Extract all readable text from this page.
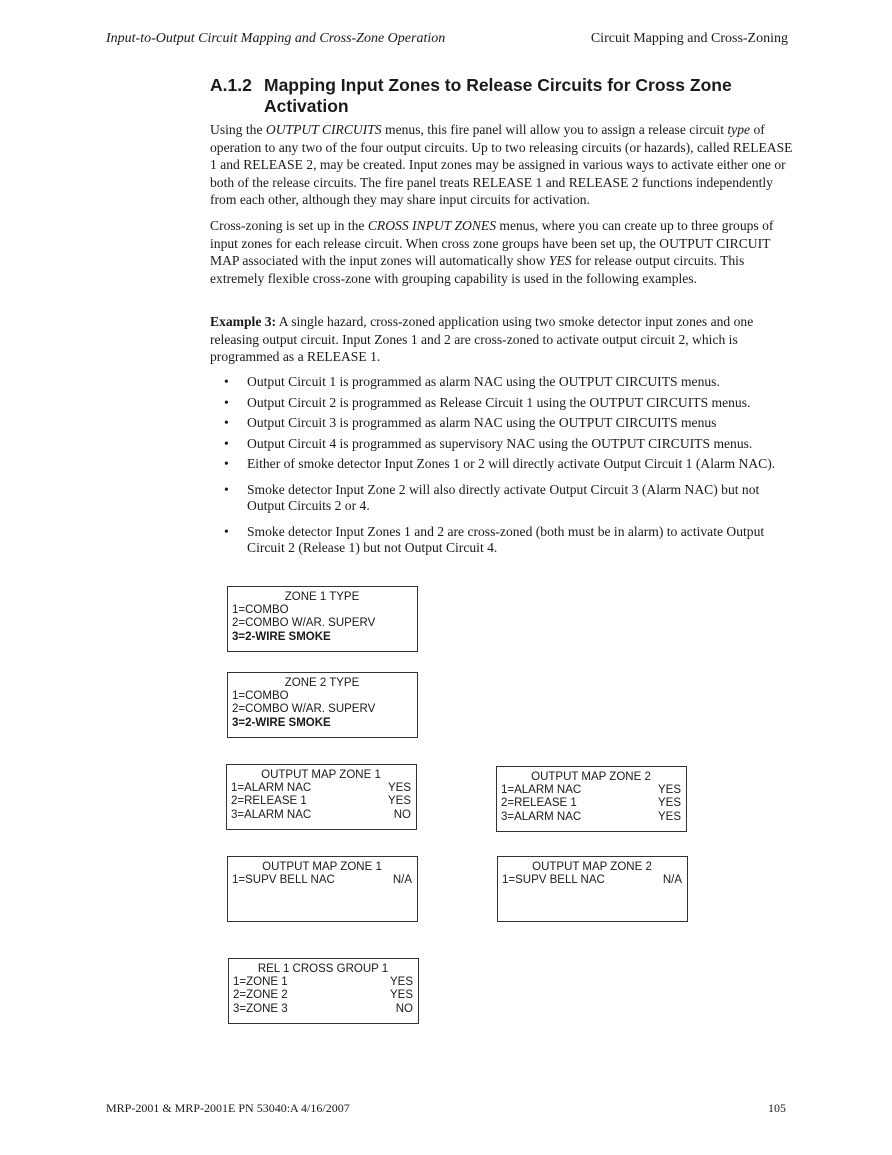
Input-to-Output Circuit Mapping and Cross-Zone Operation	Circuit Mapping and Cross-Zoning
A.1.2 Mapping Input Zones to Release Circuits for Cross Zone
Activation

Using the OUTPUT CIRCUITS menus, this fire panel will allow you to assign a release circuit type of operation to any two of the four output circuits. Up to two releasing circuits (or hazards), called RELEASE 1 and RELEASE 2, may be created. Input zones may be assigned in various ways to activate either one or both of the release circuits. The fire panel treats RELEASE 1 and RELEASE 2 functions independently from each other, although they may share input circuits for activation.

Cross-zoning is set up in the CROSS INPUT ZONES menus, where you can create up to three groups of input zones for each release circuit. When cross zone groups have been set up, the OUTPUT CIRCUIT MAP associated with the input zones will automatically show YES for release output circuits. This extremely flexible cross-zone with grouping capability is used in the following examples.

Example 3: A single hazard, cross-zoned application using two smoke detector input zones and one releasing output circuit. Input Zones 1 and 2 are cross-zoned to activate output circuit 2, which is programmed as a RELEASE 1.

• Output Circuit 1 is programmed as alarm NAC using the OUTPUT CIRCUITS menus.
• Output Circuit 2 is programmed as Release Circuit 1 using the OUTPUT CIRCUITS menus.
• Output Circuit 3 is programmed as alarm NAC using the OUTPUT CIRCUITS menus
• Output Circuit 4 is programmed as supervisory NAC using the OUTPUT CIRCUITS menus.
• Either of smoke detector Input Zones 1 or 2 will directly activate Output Circuit 1 (Alarm NAC).
• Smoke detector Input Zone 2 will also directly activate Output Circuit 3 (Alarm NAC) but not Output Circuits 2 or 4.
• Smoke detector Input Zones 1 and 2 are cross-zoned (both must be in alarm) to activate Output Circuit 2 (Release 1) but not Output Circuit 4.
ZONE 1 TYPE
1=COMBO
2=COMBO W/AR. SUPERV
3=2-WIRE SMOKE
ZONE 2 TYPE
1=COMBO
2=COMBO W/AR. SUPERV
3=2-WIRE SMOKE
OUTPUT MAP ZONE 1
1=ALARM NAC	YES
2=RELEASE 1	YES
3=ALARM NAC	NO
OUTPUT MAP ZONE 2
1=ALARM NAC	YES
2=RELEASE 1	YES
3=ALARM NAC	YES
OUTPUT MAP ZONE 1
1=SUPV BELL NAC	N/A
OUTPUT MAP ZONE 2
1=SUPV BELL NAC	N/A
REL 1 CROSS GROUP 1
1=ZONE 1	YES
2=ZONE 2	YES
3=ZONE 3	NO
MRP-2001 & MRP-2001E PN 53040:A 4/16/2007	105
